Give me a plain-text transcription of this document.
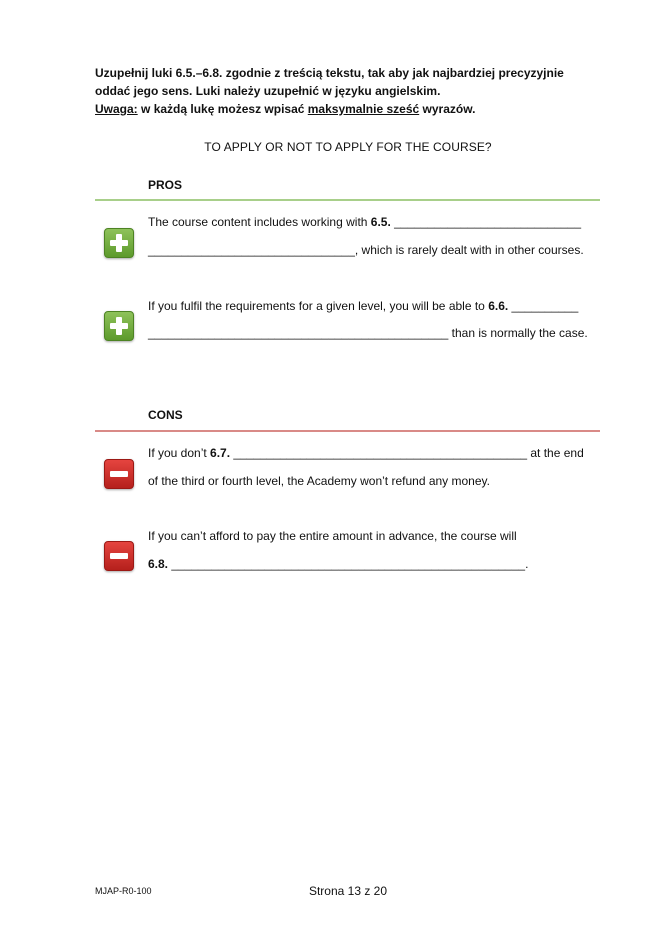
Uzupełnij luki 6.5.–6.8. zgodnie z treścią tekstu, tak aby jak najbardziej precyzyjnie
oddać jego sens. Luki należy uzupełnić w języku angielskim.
Uwaga: w każdą lukę możesz wpisać maksymalnie sześć wyrazów.
TO APPLY OR NOT TO APPLY FOR THE COURSE?
PROS
The course content includes working with 6.5. ____________________________
_______________________________, which is rarely dealt with in other courses.
If you fulfil the requirements for a given level, you will be able to 6.6. __________
_____________________________________________ than is normally the case.
CONS
If you don’t 6.7. ____________________________________________ at the end
of the third or fourth level, the Academy won’t refund any money.
If you can’t afford to pay the entire amount in advance, the course will
6.8. _____________________________________________________.
MJAP-R0-100	Strona 13 z 20
